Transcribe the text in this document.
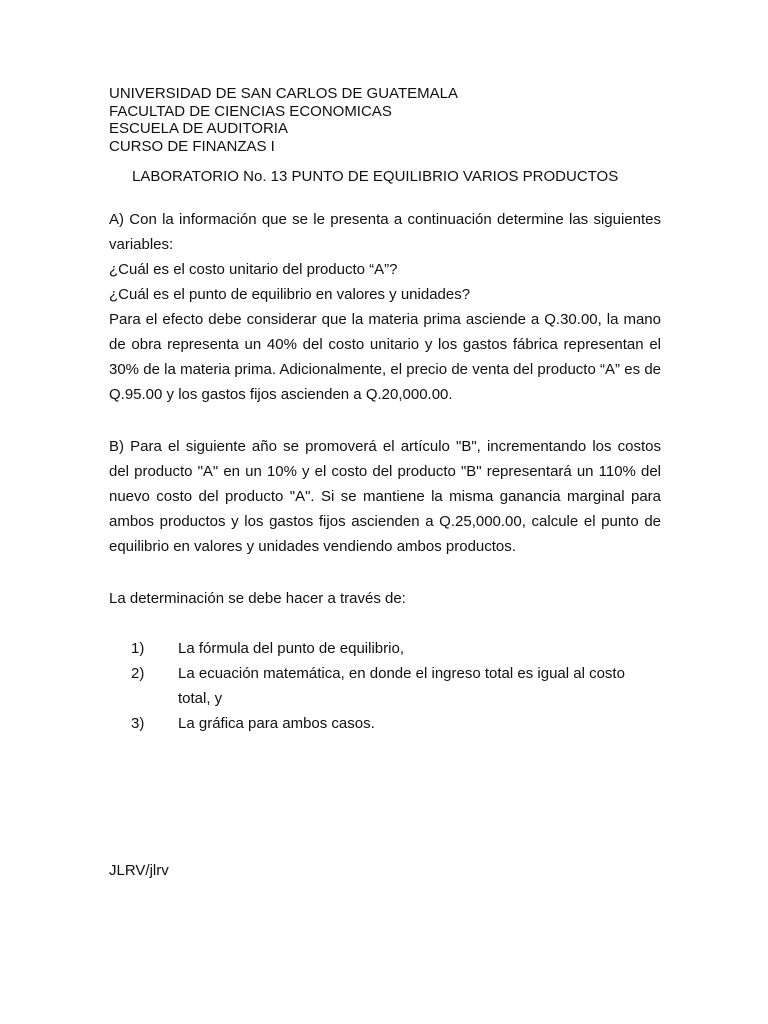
UNIVERSIDAD DE SAN CARLOS DE GUATEMALA
FACULTAD DE CIENCIAS ECONOMICAS
ESCUELA DE AUDITORIA
CURSO DE FINANZAS I
LABORATORIO No. 13 PUNTO DE EQUILIBRIO VARIOS PRODUCTOS

A) Con la información que se le presenta a continuación determine las siguientes variables:

¿Cuál es el costo unitario del producto “A”?

¿Cuál es el punto de equilibrio en valores y unidades?

Para el efecto debe considerar que la materia prima asciende a Q.30.00, la mano de obra representa un 40% del costo unitario y los gastos fábrica representan el 30% de la materia prima. Adicionalmente, el precio de venta del producto “A” es de Q.95.00 y los gastos fijos ascienden a Q.20,000.00.

B) Para el siguiente año se promoverá el artículo "B", incrementando los costos del producto "A" en un 10% y el costo del producto "B" representará un 110% del nuevo costo del producto "A". Si se mantiene la misma ganancia marginal para ambos productos y los gastos fijos ascienden a Q.25,000.00, calcule el punto de equilibrio en valores y unidades vendiendo ambos productos.

La determinación se debe hacer a través de:

1)	La fórmula del punto de equilibrio,
2)	La ecuación matemática, en donde el ingreso total es igual al costo total, y
3)	La gráfica para ambos casos.
JLRV/jlrv
